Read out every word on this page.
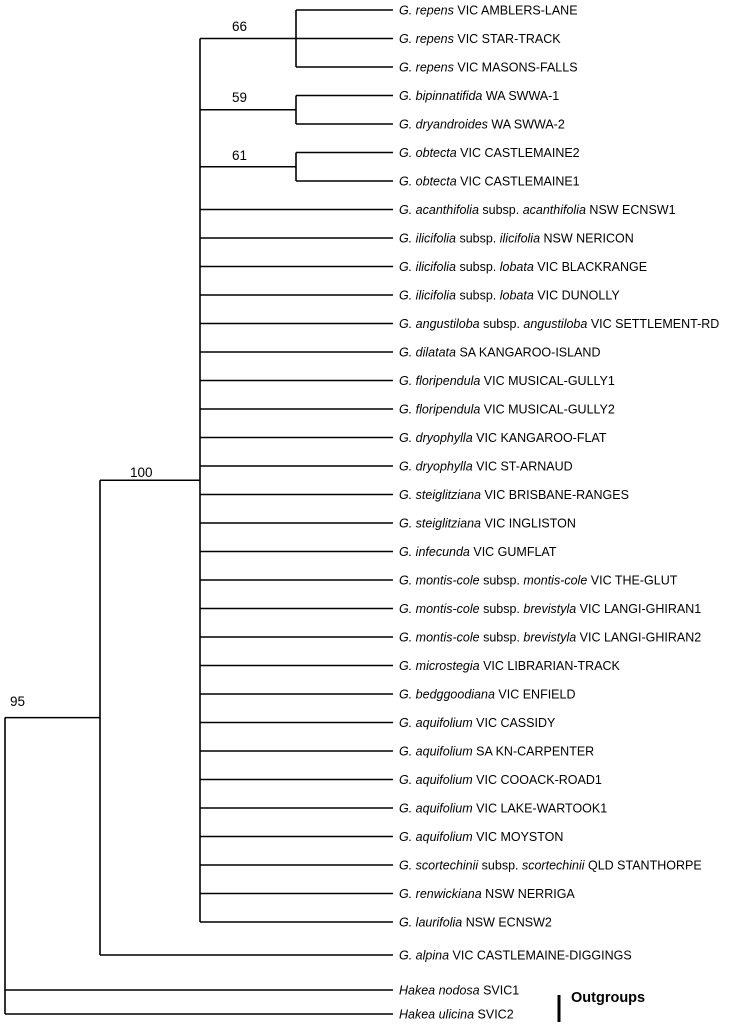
66
59
61
100
95
G. repens VIC AMBLERS-LANE
G. repens VIC STAR-TRACK
G. repens VIC MASONS-FALLS
G. bipinnatifida WA SWWA-1
G. dryandroides WA SWWA-2
G. obtecta VIC CASTLEMAINE2
G. obtecta VIC CASTLEMAINE1
G. acanthifolia subsp. acanthifolia NSW ECNSW1
G. ilicifolia subsp. ilicifolia NSW NERICON
G. ilicifolia subsp. lobata VIC BLACKRANGE
G. ilicifolia subsp. lobata VIC DUNOLLY
G. angustiloba subsp. angustiloba VIC SETTLEMENT-RD
G. dilatata SA KANGAROO-ISLAND
G. floripendula VIC MUSICAL-GULLY1
G. floripendula VIC MUSICAL-GULLY2
G. dryophylla VIC KANGAROO-FLAT
G. dryophylla VIC ST-ARNAUD
G. steiglitziana VIC BRISBANE-RANGES
G. steiglitziana VIC INGLISTON
G. infecunda VIC GUMFLAT
G. montis-cole subsp. montis-cole VIC THE-GLUT
G. montis-cole subsp. brevistyla VIC LANGI-GHIRAN1
G. montis-cole subsp. brevistyla VIC LANGI-GHIRAN2
G. microstegia VIC LIBRARIAN-TRACK
G. bedggoodiana VIC ENFIELD
G. aquifolium VIC CASSIDY
G. aquifolium SA KN-CARPENTER
G. aquifolium VIC COOACK-ROAD1
G. aquifolium VIC LAKE-WARTOOK1
G. aquifolium VIC MOYSTON
G. scortechinii subsp. scortechinii QLD STANTHORPE
G. renwickiana NSW NERRIGA
G. laurifolia NSW ECNSW2
G. alpina VIC CASTLEMAINE-DIGGINGS
Hakea nodosa SVIC1
Hakea ulicina SVIC2
Outgroups
